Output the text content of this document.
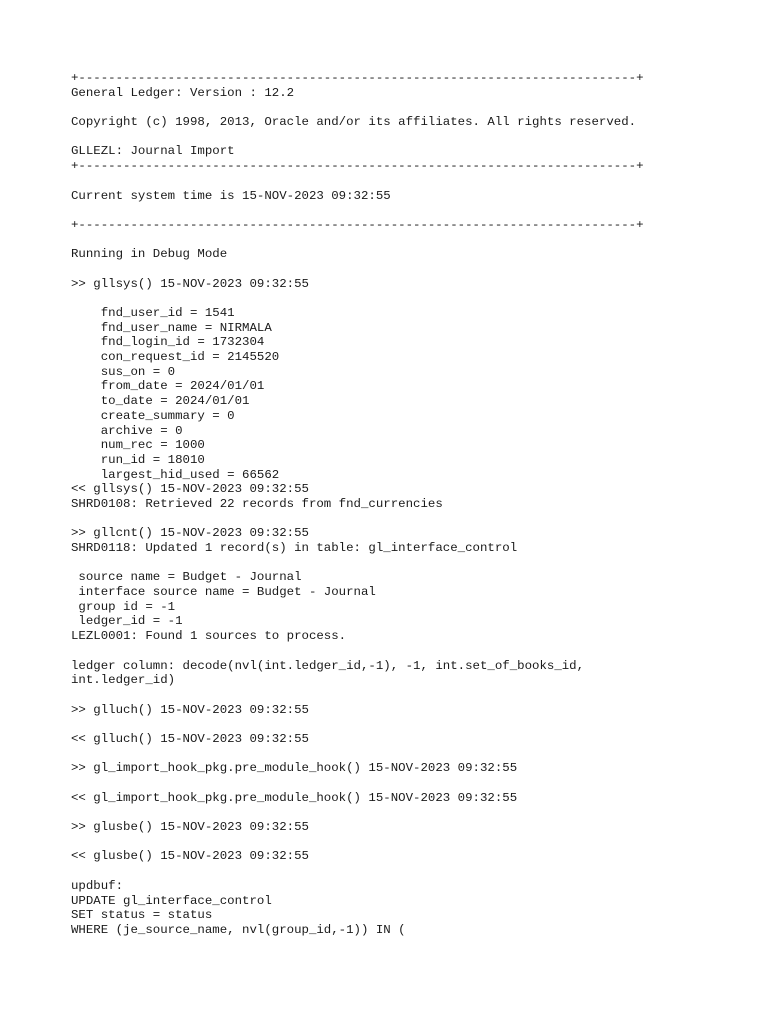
+---------------------------------------------------------------------------+
General Ledger: Version : 12.2
Copyright (c) 1998, 2013, Oracle and/or its affiliates. All rights reserved.
GLLEZL: Journal Import
+---------------------------------------------------------------------------+
Current system time is 15-NOV-2023 09:32:55
+---------------------------------------------------------------------------+
Running in Debug Mode
>> gllsys() 15-NOV-2023 09:32:55
fnd_user_id = 1541
fnd_user_name = NIRMALA
fnd_login_id = 1732304
con_request_id = 2145520
sus_on = 0
from_date = 2024/01/01
to_date = 2024/01/01
create_summary = 0
archive = 0
num_rec = 1000
run_id = 18010
largest_hid_used = 66562
<< gllsys() 15-NOV-2023 09:32:55
SHRD0108: Retrieved 22 records from fnd_currencies
>> gllcnt() 15-NOV-2023 09:32:55
SHRD0118: Updated 1 record(s) in table: gl_interface_control
source name = Budget - Journal
interface source name = Budget - Journal
group id = -1
ledger_id = -1
LEZL0001: Found 1 sources to process.
ledger column: decode(nvl(int.ledger_id,-1), -1, int.set_of_books_id,
int.ledger_id)
>> glluch() 15-NOV-2023 09:32:55
<< glluch() 15-NOV-2023 09:32:55
>> gl_import_hook_pkg.pre_module_hook() 15-NOV-2023 09:32:55
<< gl_import_hook_pkg.pre_module_hook() 15-NOV-2023 09:32:55
>> glusbe() 15-NOV-2023 09:32:55
<< glusbe() 15-NOV-2023 09:32:55
updbuf:
UPDATE gl_interface_control
SET status = status
WHERE (je_source_name, nvl(group_id,-1)) IN (
